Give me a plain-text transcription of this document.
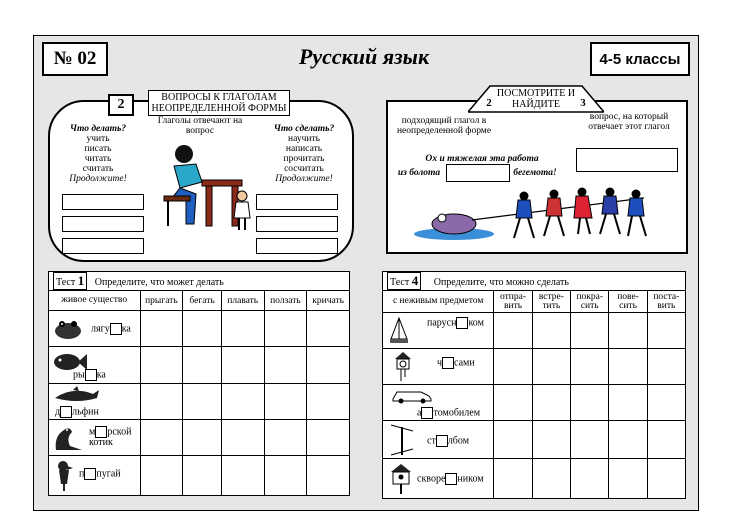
№ 02	Русский язык	4-5 классы
ВОПРОСЫ К ГЛАГОЛАМ НЕОПРЕДЕЛЕННОЙ ФОРМЫ
2
Глаголы отвечают на вопрос
Что делать?
учить
писать
читать
считать
Продолжите!
Что сделать?
научить
написать
прочитать
сосчитать
Продолжите!
ПОСМОТРИТЕ И НАЙДИТЕ
2	3
подходящий глагол в неопределенной форме
вопрос, на который отвечает этот глагол
Ох и тяжелая эта работа
из болота	бегемота!
Тест 1 Определите, что может делать					
живое существо	прыгать	бегать	плавать	ползать	кричать

лягу ка					

ры ка					

д льфин					

м рской котик					

п пугай					

Тест 4 Определите, что можно сделать					
с неживым предметом	отпра-вить	встре-тить	покра-сить	пове-сить	поста-вить

парусн ком					

ч сами					

а томобилем					

ст лбом					

скворе ником					
